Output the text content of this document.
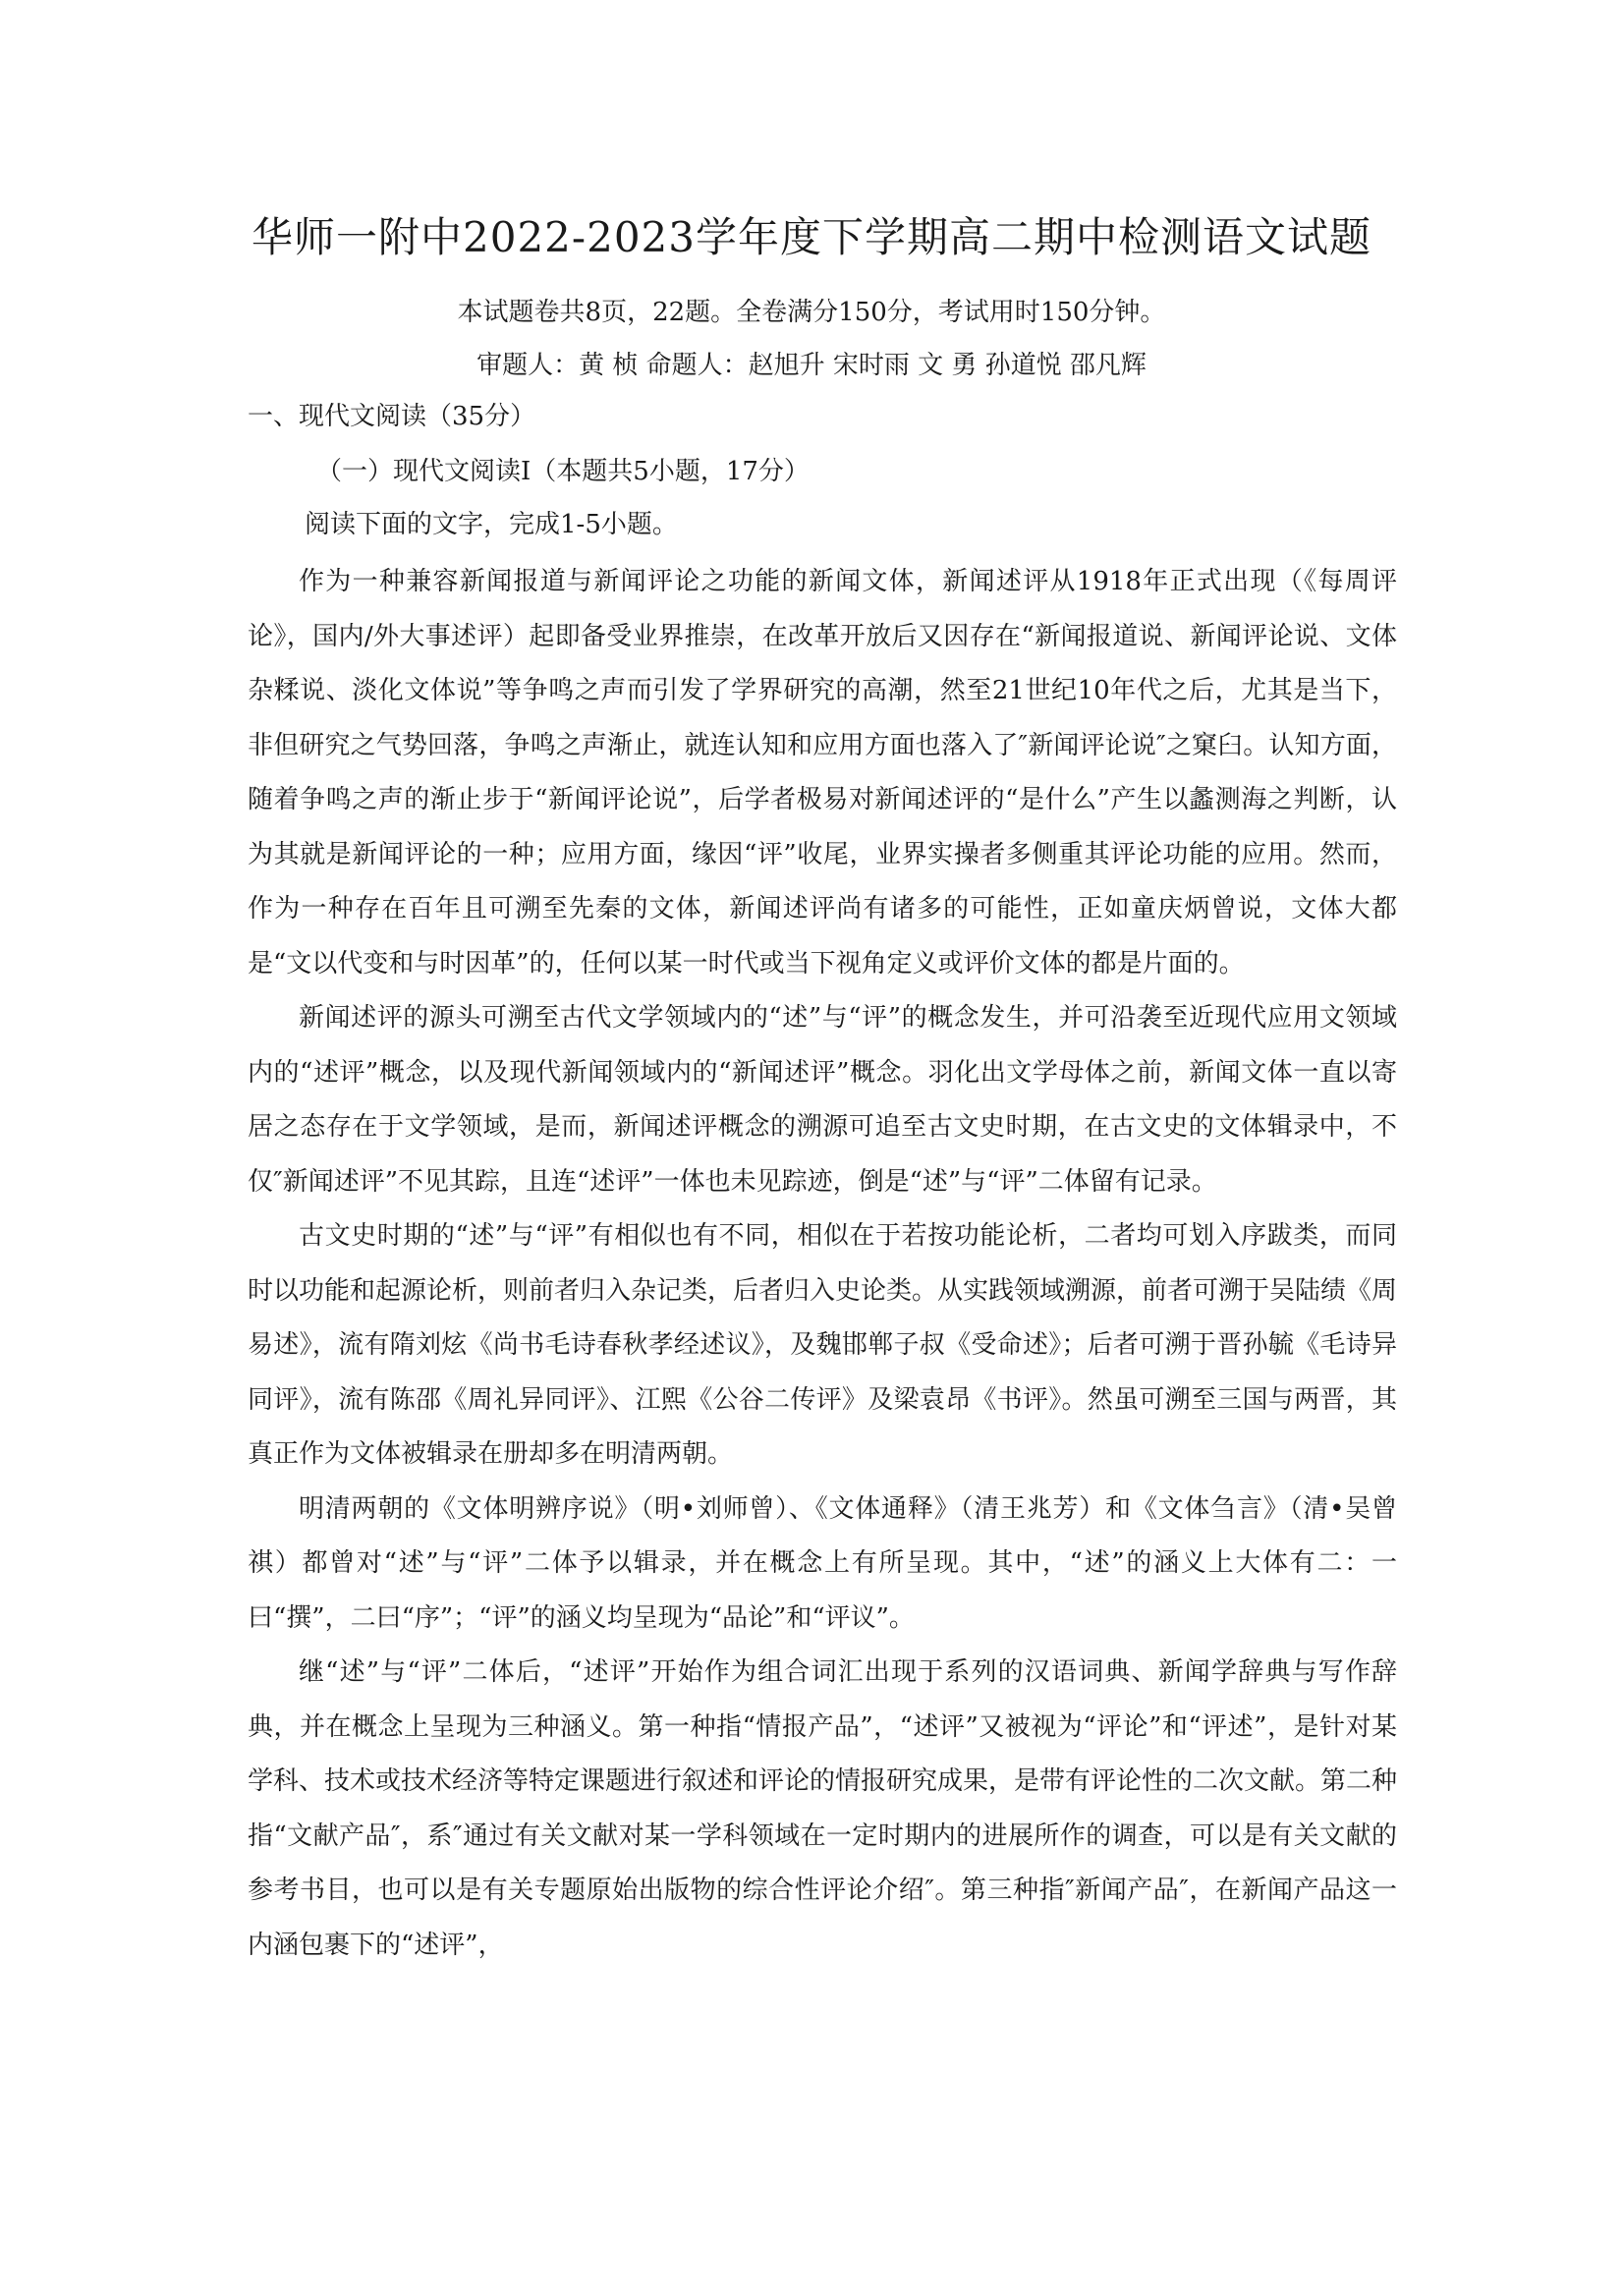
华师一附中2022-2023学年度下学期高二期中检测语文试题
本试题卷共8页，22题。全卷满分150分，考试用时150分钟。
审题人：黄 桢 命题人：赵旭升 宋时雨 文 勇 孙道悦 邵凡辉
一、现代文阅读（35分）
（一）现代文阅读Ⅰ（本题共5小题，17分）
阅读下面的文字，完成1-5小题。

作为一种兼容新闻报道与新闻评论之功能的新闻文体，新闻述评从1918年正式出现（《每周评论》，国内/外大事述评）起即备受业界推崇，在改革开放后又因存在“新闻报道说、新闻评论说、文体杂糅说、淡化文体说”等争鸣之声而引发了学界研究的高潮，然至21世纪10年代之后，尤其是当下，非但研究之气势回落，争鸣之声渐止，就连认知和应用方面也落入了″新闻评论说″之窠臼。认知方面，随着争鸣之声的渐止步于“新闻评论说”，后学者极易对新闻述评的“是什么”产生以蠡测海之判断，认为其就是新闻评论的一种；应用方面，缘因“评”收尾，业界实操者多侧重其评论功能的应用。然而，作为一种存在百年且可溯至先秦的文体，新闻述评尚有诸多的可能性，正如童庆炳曾说，文体大都是“文以代变和与时因革”的，任何以某一时代或当下视角定义或评价文体的都是片面的。

新闻述评的源头可溯至古代文学领域内的“述”与“评”的概念发生，并可沿袭至近现代应用文领域内的“述评”概念，以及现代新闻领域内的“新闻述评”概念。羽化出文学母体之前，新闻文体一直以寄居之态存在于文学领域，是而，新闻述评概念的溯源可追至古文史时期，在古文史的文体辑录中，不仅″新闻述评”不见其踪，且连“述评”一体也未见踪迹，倒是“述”与“评”二体留有记录。

古文史时期的“述”与“评”有相似也有不同，相似在于若按功能论析，二者均可划入序跋类，而同时以功能和起源论析，则前者归入杂记类，后者归入史论类。从实践领域溯源，前者可溯于吴陆绩《周易述》，流有隋刘炫《尚书毛诗春秋孝经述议》，及魏邯郸子叔《受命述》；后者可溯于晋孙毓《毛诗异同评》，流有陈邵《周礼异同评》、江熙《公谷二传评》及梁袁昂《书评》。然虽可溯至三国与两晋，其真正作为文体被辑录在册却多在明清两朝。

明清两朝的《文体明辨序说》（明•刘师曾）、《文体通释》（清王兆芳）和《文体刍言》（清•吴曾祺）都曾对“述”与“评”二体予以辑录，并在概念上有所呈现。其中，“述”的涵义上大体有二：一曰“撰”，二曰“序”；“评”的涵义均呈现为“品论”和“评议”。

继“述”与“评”二体后，“述评”开始作为组合词汇出现于系列的汉语词典、新闻学辞典与写作辞典，并在概念上呈现为三种涵义。第一种指“情报产品”，“述评”又被视为“评论”和“评述”，是针对某学科、技术或技术经济等特定课题进行叙述和评论的情报研究成果，是带有评论性的二次文献。第二种指“文献产品″，系″通过有关文献对某一学科领域在一定时期内的进展所作的调查，可以是有关文献的参考书目，也可以是有关专题原始出版物的综合性评论介绍″。第三种指″新闻产品″，在新闻产品这一内涵包裹下的“述评”，
